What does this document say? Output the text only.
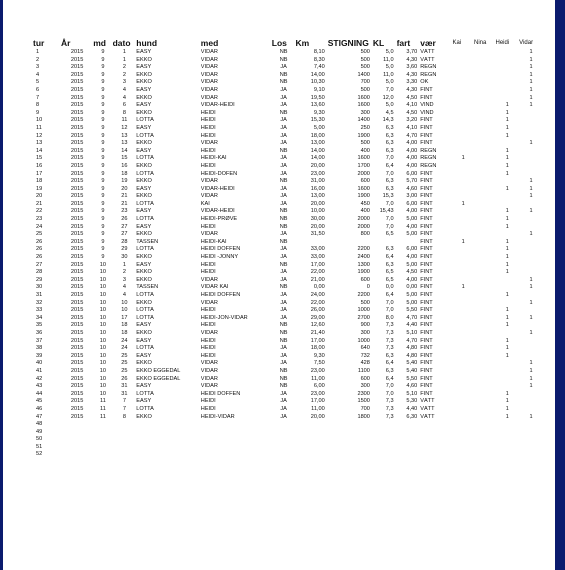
tur	År	md	dato	hund	med	Los	Km	STIGNING	KL	fart	vær	Kai	Nina	Heidi	Vidar
1	2015	9	1	EASY	VIDAR	NB	8,10	500	5,0	3,70	VÅTT				1
2	2015	9	1	EKKO	VIDAR	NB	8,30	500	11,0	4,30	VÅTT				1
3	2015	9	2	EASY	VIDAR	JA	7,40	500	5,0	3,60	REGN				1
4	2015	9	2	EKKO	VIDAR	NB	14,00	1400	11,0	4,30	REGN				1
5	2015	9	3	EKKO	VIDAR	NB	10,30	700	5,0	3,30	OK				1
6	2015	9	4	EASY	VIDAR	JA	9,10	500	7,0	4,30	FINT				1
7	2015	9	4	EKKO	VIDAR	JA	19,50	1600	12,0	4,50	FINT				1
8	2015	9	6	EASY	VIDAR-HEIDI	JA	13,60	1600	5,0	4,10	VIND			1	1
9	2015	9	8	EKKO	HEIDI	NB	9,30	300	4,5	4,50	VIND			1	
10	2015	9	11	LOTTA	HEIDI	JA	15,30	1400	14,3	3,20	FINT			1	
11	2015	9	12	EASY	HEIDI	JA	5,00	250	6,3	4,10	FINT			1	
12	2015	9	13	LOTTA	HEIDI	JA	18,00	1900	6,3	4,70	FINT			1	
13	2015	9	13	EKKO	VIDAR	JA	13,00	500	6,3	4,00	FINT				1
14	2015	9	14	EASY	HEIDI	NB	14,00	400	6,3	4,00	REGN			1	
15	2015	9	15	LOTTA	HEIDI-KAI	JA	14,00	1600	7,0	4,00	REGN	1		1	
16	2015	9	16	EKKO	HEIDI	JA	20,00	1700	6,4	4,00	REGN			1	
17	2015	9	18	LOTTA	HEIDI-DOFEN	JA	23,00	2000	7,0	6,00	FINT			1	
18	2015	9	19	EKKO	VIDAR	NB	31,00	600	6,3	5,70	FINT				1
19	2015	9	20	EASY	VIDAR-HEIDI	JA	16,00	1600	6,3	4,60	FINT			1	1
20	2015	9	21	EKKO	VIDAR	JA	13,00	1900	15,3	3,00	FINT				1
21	2015	9	21	LOTTA	KAI	JA	20,00	450	7,0	6,00	FINT	1			
22	2015	9	23	EASY	VIDAR-HEIDI	NB	10,00	400	15,43	4,00	FINT			1	1
23	2015	9	26	LOTTA	HEIDI-PRØVE	NB	30,00	2000	7,0	5,00	FINT			1	
24	2015	9	27	EASY	HEIDI	NB	20,00	2000	7,0	4,00	FINT			1	
25	2015	9	27	EKKO	VIDAR	JA	31,50	800	6,5	5,00	FINT				1
26	2015	9	28	TASSEN	HEIDI-KAI	NB					FINT	1		1	
26	2015	9	29	LOTTA	HEIDI DOFFEN	JA	33,00	2200	6,3	6,00	FINT			1	
26	2015	9	30	EKKO	HEIDI -JONNY	JA	33,00	2400	6,4	4,00	FINT			1	
27	2015	10	1	EASY	HEIDI	NB	17,00	1300	6,3	5,00	FINT			1	
28	2015	10	2	EKKO	HEIDI	JA	22,00	1900	6,5	4,50	FINT			1	
29	2015	10	3	EKKO	VIDAR	JA	21,00	600	6,5	4,00	FINT				1
30	2015	10	4	TASSEN	VIDAR KAI	NB	0,00	0	0,0	0,00	FINT	1			1
31	2015	10	4	LOTTA	HEIDI DOFFEN	JA	24,00	2200	6,4	5,00	FINT			1	
32	2015	10	10	EKKO	VIDAR	JA	22,00	500	7,0	5,00	FINT				1
33	2015	10	10	LOTTA	HEIDI	JA	26,00	1000	7,0	5,50	FINT			1	
34	2015	10	17	LOTTA	HEIDI-JON-VIDAR	JA	29,00	2700	8,0	4,70	FINT			1	1
35	2015	10	18	EASY	HEIDI	NB	12,60	900	7,3	4,40	FINT			1	
36	2015	10	18	EKKO	VIDAR	NB	21,40	300	7,3	5,10	FINT				1
37	2015	10	24	EASY	HEIDI	NB	17,00	1000	7,3	4,70	FINT			1	
38	2015	10	24	LOTTA	HEIDI	JA	18,00	640	7,3	4,80	FINT			1	
39	2015	10	25	EASY	HEIDI	JA	9,30	732	6,3	4,80	FINT			1	
40	2015	10	25	EKKO	VIDAR	JA	7,50	428	6,4	5,40	FINT				1
41	2015	10	25	EKKO EGGEDAL	VIDAR	NB	23,00	1100	6,3	5,40	FINT				1
42	2015	10	26	EKKO EGGEDAL	VIDAR	NB	11,00	600	6,4	5,50	FINT				1
43	2015	10	31	EASY	VIDAR	NB	6,00	300	7,0	4,60	FINT				1
44	2015	10	31	LOTTA	HEIDI DOFFEN	JA	23,00	2300	7,0	5,10	FINT			1	
45	2015	11	7	EASY	HEIDI	JA	17,00	1500	7,3	5,30	VÅTT			1	
46	2015	11	7	LOTTA	HEIDI	JA	11,00	700	7,3	4,40	VÅTT			1	
47	2015	11	8	EKKO	HEIDI-VIDAR	JA	20,00	1800	7,3	6,30	VÅTT			1	1
48															
49															
50															
51															
52															
